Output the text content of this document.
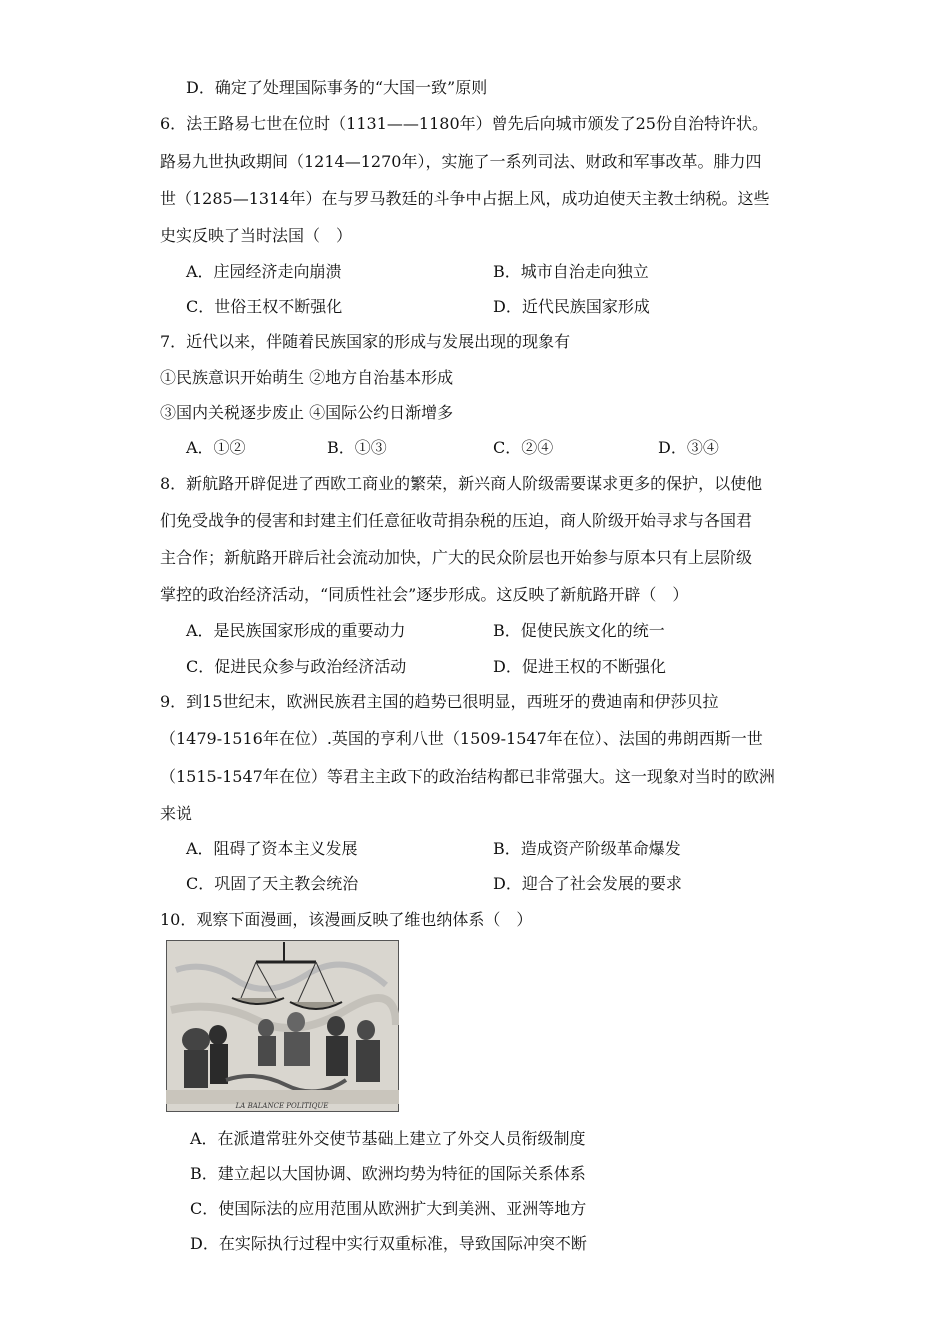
D．确定了处理国际事务的“大国一致”原则
6．法王路易七世在位时（1131——1180年）曾先后向城市颁发了25份自治特许状。
路易九世执政期间（1214—1270年），实施了一系列司法、财政和军事改革。腓力四
世（1285—1314年）在与罗马教廷的斗争中占据上风，成功迫使天主教士纳税。这些
史实反映了当时法国（　）
A．庄园经济走向崩溃	B．城市自治走向独立
C．世俗王权不断强化	D．近代民族国家形成
7．近代以来，伴随着民族国家的形成与发展出现的现象有
①民族意识开始萌生 ②地方自治基本形成
③国内关税逐步废止 ④国际公约日渐增多
A．①②	B．①③	C．②④	D．③④
8．新航路开辟促进了西欧工商业的繁荣，新兴商人阶级需要谋求更多的保护，以使他
们免受战争的侵害和封建主们任意征收苛捐杂税的压迫，商人阶级开始寻求与各国君
主合作；新航路开辟后社会流动加快，广大的民众阶层也开始参与原本只有上层阶级
掌控的政治经济活动，“同质性社会”逐步形成。这反映了新航路开辟（　）
A．是民族国家形成的重要动力	B．促使民族文化的统一
C．促进民众参与政治经济活动	D．促进王权的不断强化
9．到15世纪末，欧洲民族君主国的趋势已很明显，西班牙的费迪南和伊莎贝拉
（1479-1516年在位）.英国的亨利八世（1509-1547年在位）、法国的弗朗西斯一世
（1515-1547年在位）等君主主政下的政治结构都已非常强大。这一现象对当时的欧洲
来说
A．阻碍了资本主义发展	B．造成资产阶级革命爆发
C．巩固了天主教会统治	D．迎合了社会发展的要求
10．观察下面漫画，该漫画反映了维也纳体系（　）
LA BALANCE POLITIQUE
A．在派遣常驻外交使节基础上建立了外交人员衔级制度
B．建立起以大国协调、欧洲均势为特征的国际关系体系
C．使国际法的应用范围从欧洲扩大到美洲、亚洲等地方
D．在实际执行过程中实行双重标准，导致国际冲突不断
